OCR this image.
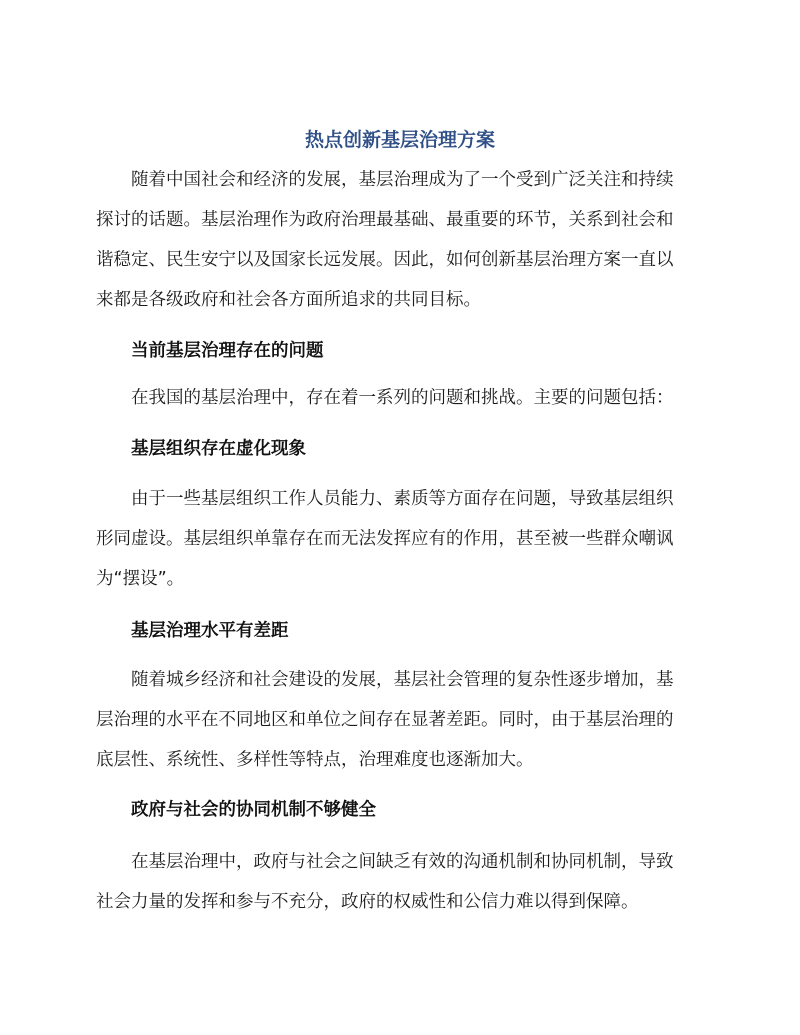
热点创新基层治理方案
随着中国社会和经济的发展，基层治理成为了一个受到广泛关注和持续
探讨的话题。基层治理作为政府治理最基础、最重要的环节，关系到社会和
谐稳定、民生安宁以及国家长远发展。因此，如何创新基层治理方案一直以
来都是各级政府和社会各方面所追求的共同目标。
当前基层治理存在的问题
在我国的基层治理中，存在着一系列的问题和挑战。主要的问题包括：
基层组织存在虚化现象
由于一些基层组织工作人员能力、素质等方面存在问题，导致基层组织
形同虚设。基层组织单靠存在而无法发挥应有的作用，甚至被一些群众嘲讽
为“摆设”。
基层治理水平有差距
随着城乡经济和社会建设的发展，基层社会管理的复杂性逐步增加，基
层治理的水平在不同地区和单位之间存在显著差距。同时，由于基层治理的
底层性、系统性、多样性等特点，治理难度也逐渐加大。
政府与社会的协同机制不够健全
在基层治理中，政府与社会之间缺乏有效的沟通机制和协同机制，导致
社会力量的发挥和参与不充分，政府的权威性和公信力难以得到保障。
